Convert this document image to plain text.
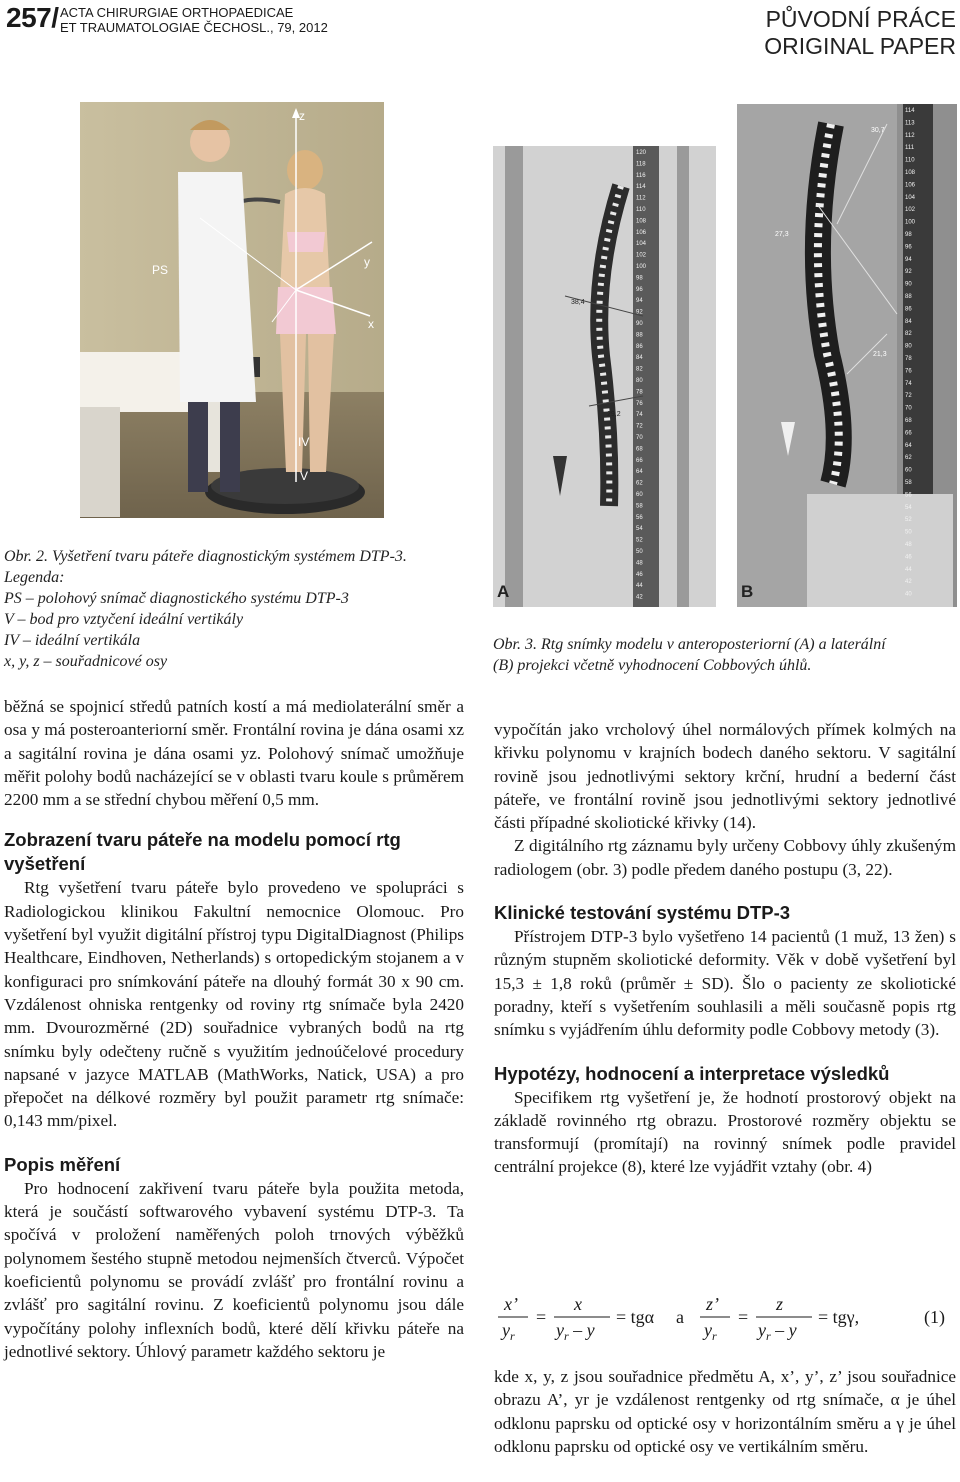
257/ ACTA CHIRURGIAE ORTHOPAEDICAE
ET TRAUMATOLOGIAE ČECHOSL., 79, 2012	PŮVODNÍ PRÁCE
ORIGINAL PAPER
z
y
x
PS
IV
V
38,4
29,2
120
118
116
114
112
110
108
106
104
102
100
98
96
94
92
90
88
86
84
82
80
78
76
74
72
70
68
66
64
62
60
58
56
54
52
50
48
46
44
42
A
30,7
27,3
21,3
114
113
112
111
110
108
106
104
102
100
98
96
94
92
90
88
86
84
82
80
78
76
74
72
70
68
66
64
62
60
58
56
54
52
50
48
46
44
42
40
B
Obr. 2. Vyšetření tvaru páteře diagnostickým systémem DTP-3.
Legenda:
PS – polohový snímač diagnostického systému DTP-3
V – bod pro vztyčení ideální vertikály
IV – ideální vertikála
x, y, z – souřadnicové osy
Obr. 3. Rtg snímky modelu v anteroposteriorní (A) a laterální
(B) projekci včetně vyhodnocení Cobbových úhlů.

běžná se spojnicí středů patních kostí a má mediolaterální směr a osa y má posteroanteriorní směr. Frontální rovina je dána osami xz a sagitální rovina je dána osami yz. Polohový snímač umožňuje měřit polohy bodů nacházející se v oblasti tvaru koule s průměrem 2200 mm a se střední chybou měření 0,5 mm.

Zobrazení tvaru páteře na modelu pomocí rtg vyšetření

Rtg vyšetření tvaru páteře bylo provedeno ve spolupráci s Radiologickou klinikou Fakultní nemocnice Olomouc. Pro vyšetření byl využit digitální přístroj typu DigitalDiagnost (Philips Healthcare, Eindhoven, Netherlands) s ortopedickým stojanem a v konfiguraci pro snímkování páteře na dlouhý formát 30 x 90 cm. Vzdálenost ohniska rentgenky od roviny rtg snímače byla 2420 mm. Dvourozměrné (2D) souřadnice vybraných bodů na rtg snímku byly odečteny ručně s využitím jednoúčelové procedury napsané v jazyce MATLAB (MathWorks, Natick, USA) a pro přepočet na délkové rozměry byl použit parametr rtg snímače: 0,143 mm/pixel.

Popis měření

Pro hodnocení zakřivení tvaru páteře byla použita metoda, která je součástí softwarového vybavení systému DTP-3. Ta spočívá v proložení naměřených poloh trnových výběžků polynomem šestého stupně metodou nejmenších čtverců. Výpočet koeficientů polynomu se provádí zvlášť pro frontální rovinu a zvlášť pro sagitální rovinu. Z koeficientů polynomu jsou dále vypočítány polohy inflexních bodů, které dělí křivku páteře na jednotlivé sektory. Úhlový parametr každého sektoru je

vypočítán jako vrcholový úhel normálových přímek kolmých na křivku polynomu v krajních bodech daného sektoru. V sagitální rovině jsou jednotlivými sektory krční, hrudní a bederní část páteře, ve frontální rovině jsou jednotlivými sektory jednotlivé části případné skoliotické křivky (14).

Z digitálního rtg záznamu byly určeny Cobbovy úhly zkušeným radiologem (obr. 3) podle předem daného postupu (3, 22).

Klinické testování systému DTP-3

Přístrojem DTP-3 bylo vyšetřeno 14 pacientů (1 muž, 13 žen) s různým stupněm skoliotické deformity. Věk v době vyšetření byl 15,3 ± 1,8 roků (průměr ± SD). Šlo o pacienty ze skoliotické poradny, kteří s vyšetřením souhlasili a měli současně popis rtg snímku s vyjádřením úhlu deformity podle Cobbovy metody (3).

Hypotézy, hodnocení a interpretace výsledků

Specifikem rtg vyšetření je, že hodnotí prostorový objekt na základě rovinného rtg obrazu. Prostorové rozměry objektu se transformují (promítají) na rovinný snímek podle pravidel centrální projekce (8), které lze vyjádřit vztahy (obr. 4)

x’
$y_r$
=
x
$y_r$ – y
= tgα a
z’
$y_r$
=
z
$y_r$ – y
= tgγ,	(1)

kde x, y, z jsou souřadnice předmětu A, x’, y’, z’ jsou souřadnice obrazu A’, yr je vzdálenost rentgenky od rtg snímače, α je úhel odklonu paprsku od optické osy v horizontálním směru a γ je úhel odklonu paprsku od optické osy ve vertikálním směru.
